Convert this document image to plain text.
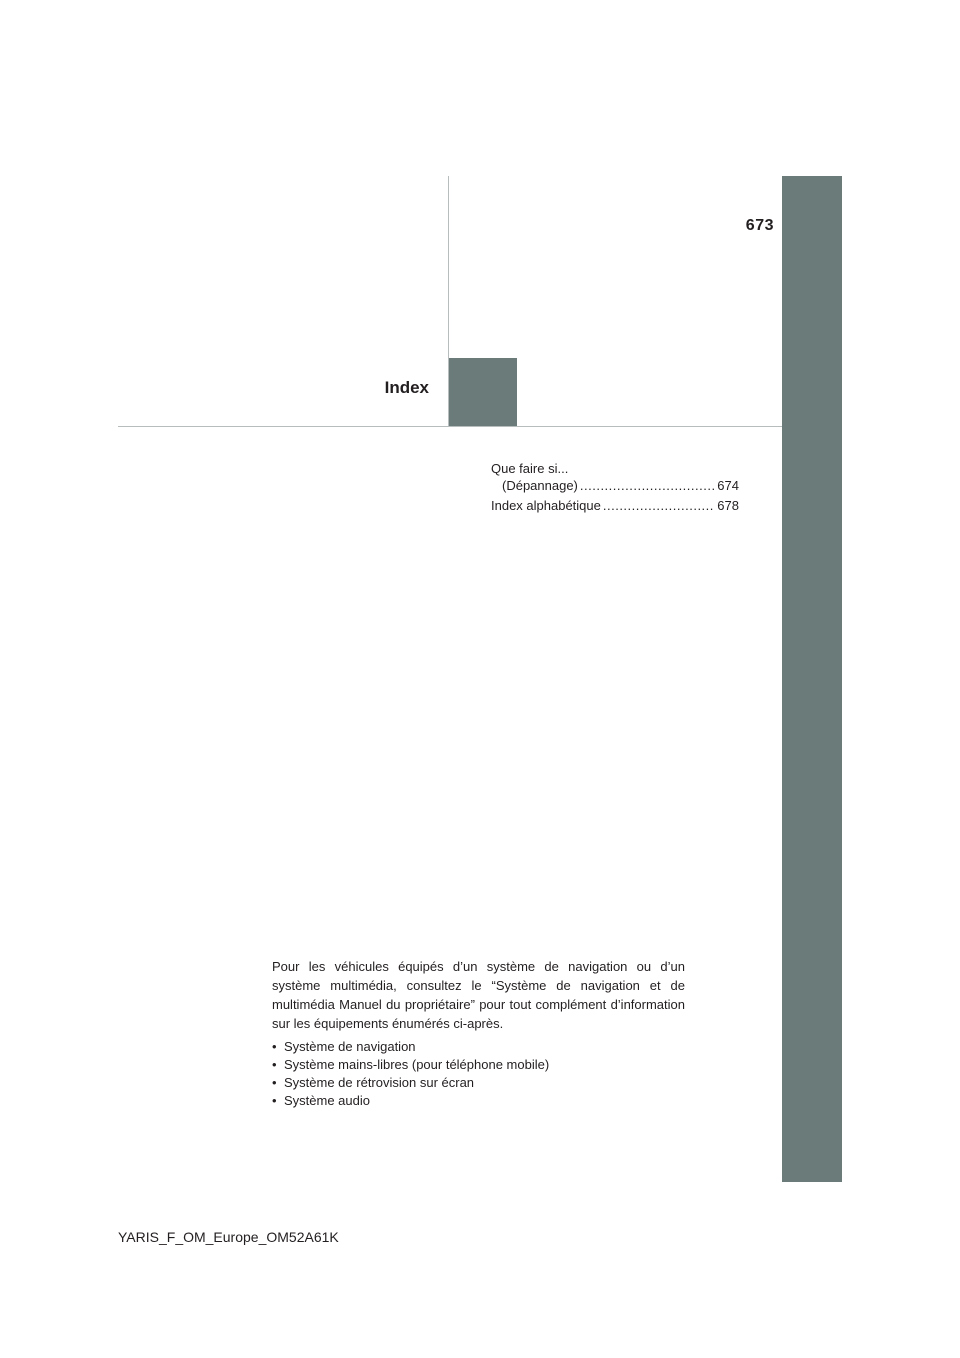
673
Index
Que faire si...
(Dépannage) .....	674
Index alphabétique .....	678

Pour les véhicules équipés d’un système de navigation ou d’un système multimédia, consultez le “Système de navigation et de multimédia Manuel du propriétaire” pour tout complément d’information sur les équipements énumérés ci-après.

• Système de navigation
• Système mains-libres (pour téléphone mobile)
• Système de rétrovision sur écran
• Système audio
YARIS_F_OM_Europe_OM52A61K
